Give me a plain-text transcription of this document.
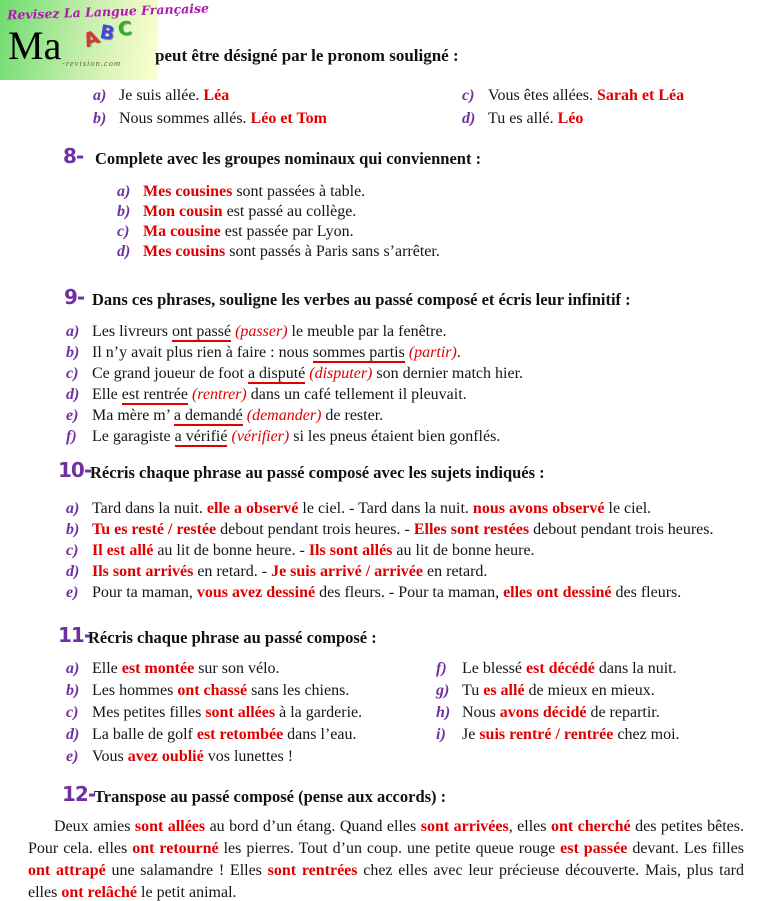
Revisez La Langue Française
Ma -revision.com
A
B C
peut être désigné par le pronom souligné :
a) Je suis allée. Léa
b) Nous sommes allés. Léo et Tom
c) Vous êtes allées. Sarah et Léa
d) Tu es allé. Léo
8- Complete avec les groupes nominaux qui conviennent :
a) Mes cousines sont passées à table.
b) Mon cousin est passé au collège.
c) Ma cousine est passée par Lyon.
d) Mes cousins sont passés à Paris sans s’arrêter.
9- Dans ces phrases, souligne les verbes au passé composé et écris leur infinitif :
a) Les livreurs ont passé (passer) le meuble par la fenêtre.
b) Il n’y avait plus rien à faire : nous sommes partis (partir).
c) Ce grand joueur de foot a disputé (disputer) son dernier match hier.
d) Elle est rentrée (rentrer) dans un café tellement il pleuvait.
e) Ma mère m’ a demandé (demander) de rester.
f) Le garagiste a vérifié (vérifier) si les pneus étaient bien gonflés.
10-
Récris chaque phrase au passé composé avec les sujets indiqués :
a) Tard dans la nuit. elle a observé le ciel. - Tard dans la nuit. nous avons observé le ciel.
b) Tu es resté / restée debout pendant trois heures. - Elles sont restées debout pendant trois heures.
c) Il est allé au lit de bonne heure. - Ils sont allés au lit de bonne heure.
d) Ils sont arrivés en retard. - Je suis arrivé / arrivée en retard.
e) Pour ta maman, vous avez dessiné des fleurs. - Pour ta maman, elles ont dessiné des fleurs.
11-
Récris chaque phrase au passé composé :
a) Elle est montée sur son vélo.
b) Les hommes ont chassé sans les chiens.
c) Mes petites filles sont allées à la garderie.
d) La balle de golf est retombée dans l’eau.
e) Vous avez oublié vos lunettes !
f) Le blessé est décédé dans la nuit.
g) Tu es allé de mieux en mieux.
h) Nous avons décidé de repartir.
i)	Je suis rentré / rentrée chez moi.
12-
Transpose au passé composé (pense aux accords) :
Deux amies sont allées au bord d’un étang. Quand elles sont arrivées, elles ont cherché des petites bêtes. Pour cela. elles ont retourné les pierres. Tout d’un coup. une petite queue rouge est passée devant. Les filles ont attrapé une salamandre ! Elles sont rentrées chez elles avec leur précieuse découverte. Mais, plus tard elles ont relâché le petit animal.
